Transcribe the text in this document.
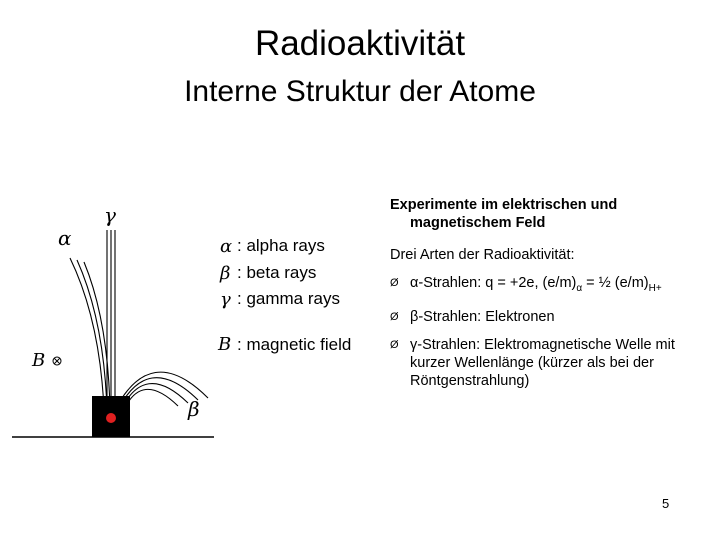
Radioaktivität
Interne Struktur der Atome
α
γ
β
B
α : alpha rays
β : beta rays
γ : gamma rays
B : magnetic field
Experimente im elektrischen und
magnetischem Feld
Drei Arten der Radioaktivität:
Ø α-Strahlen: q = +2e, $(e/m)_\alpha$ = ½ $(e/m)_{H+}$
Ø β-Strahlen: Elektronen
Ø γ-Strahlen: Elektromagnetische Welle mit kurzer Wellenlänge (kürzer als bei der Röntgenstrahlung)
5
